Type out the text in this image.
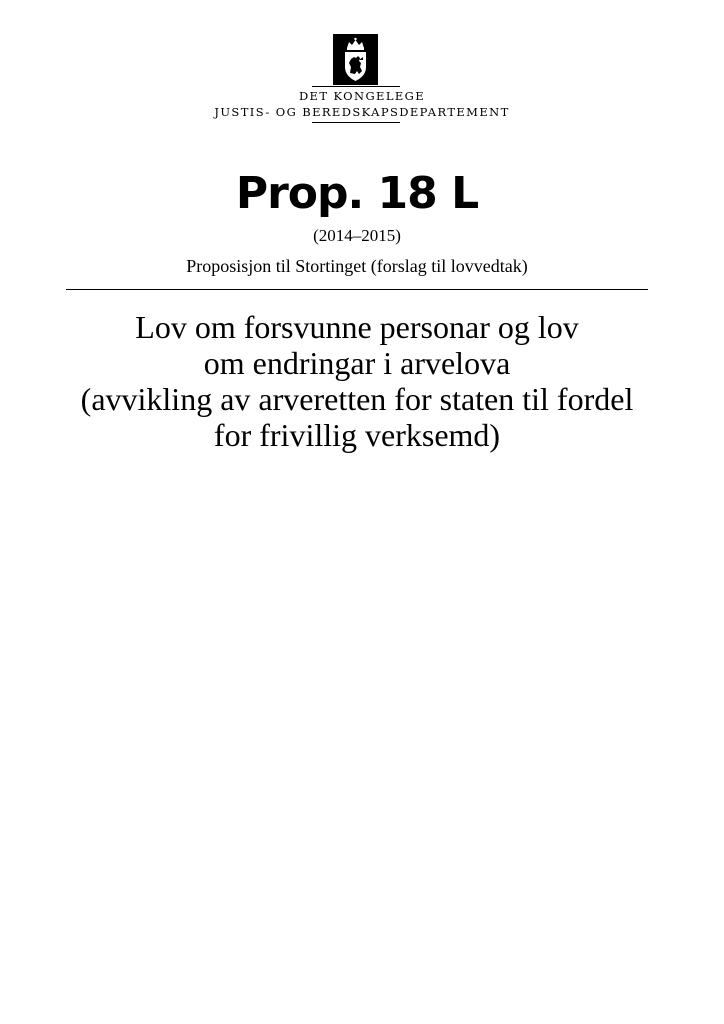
DET KONGELEGE
JUSTIS- OG BEREDSKAPSDEPARTEMENT
Prop. 18 L
(2014–2015)
Proposisjon til Stortinget (forslag til lovvedtak)
Lov om forsvunne personar og lov
om endringar i arvelova
(avvikling av arveretten for staten til fordel
for frivillig verksemd)
